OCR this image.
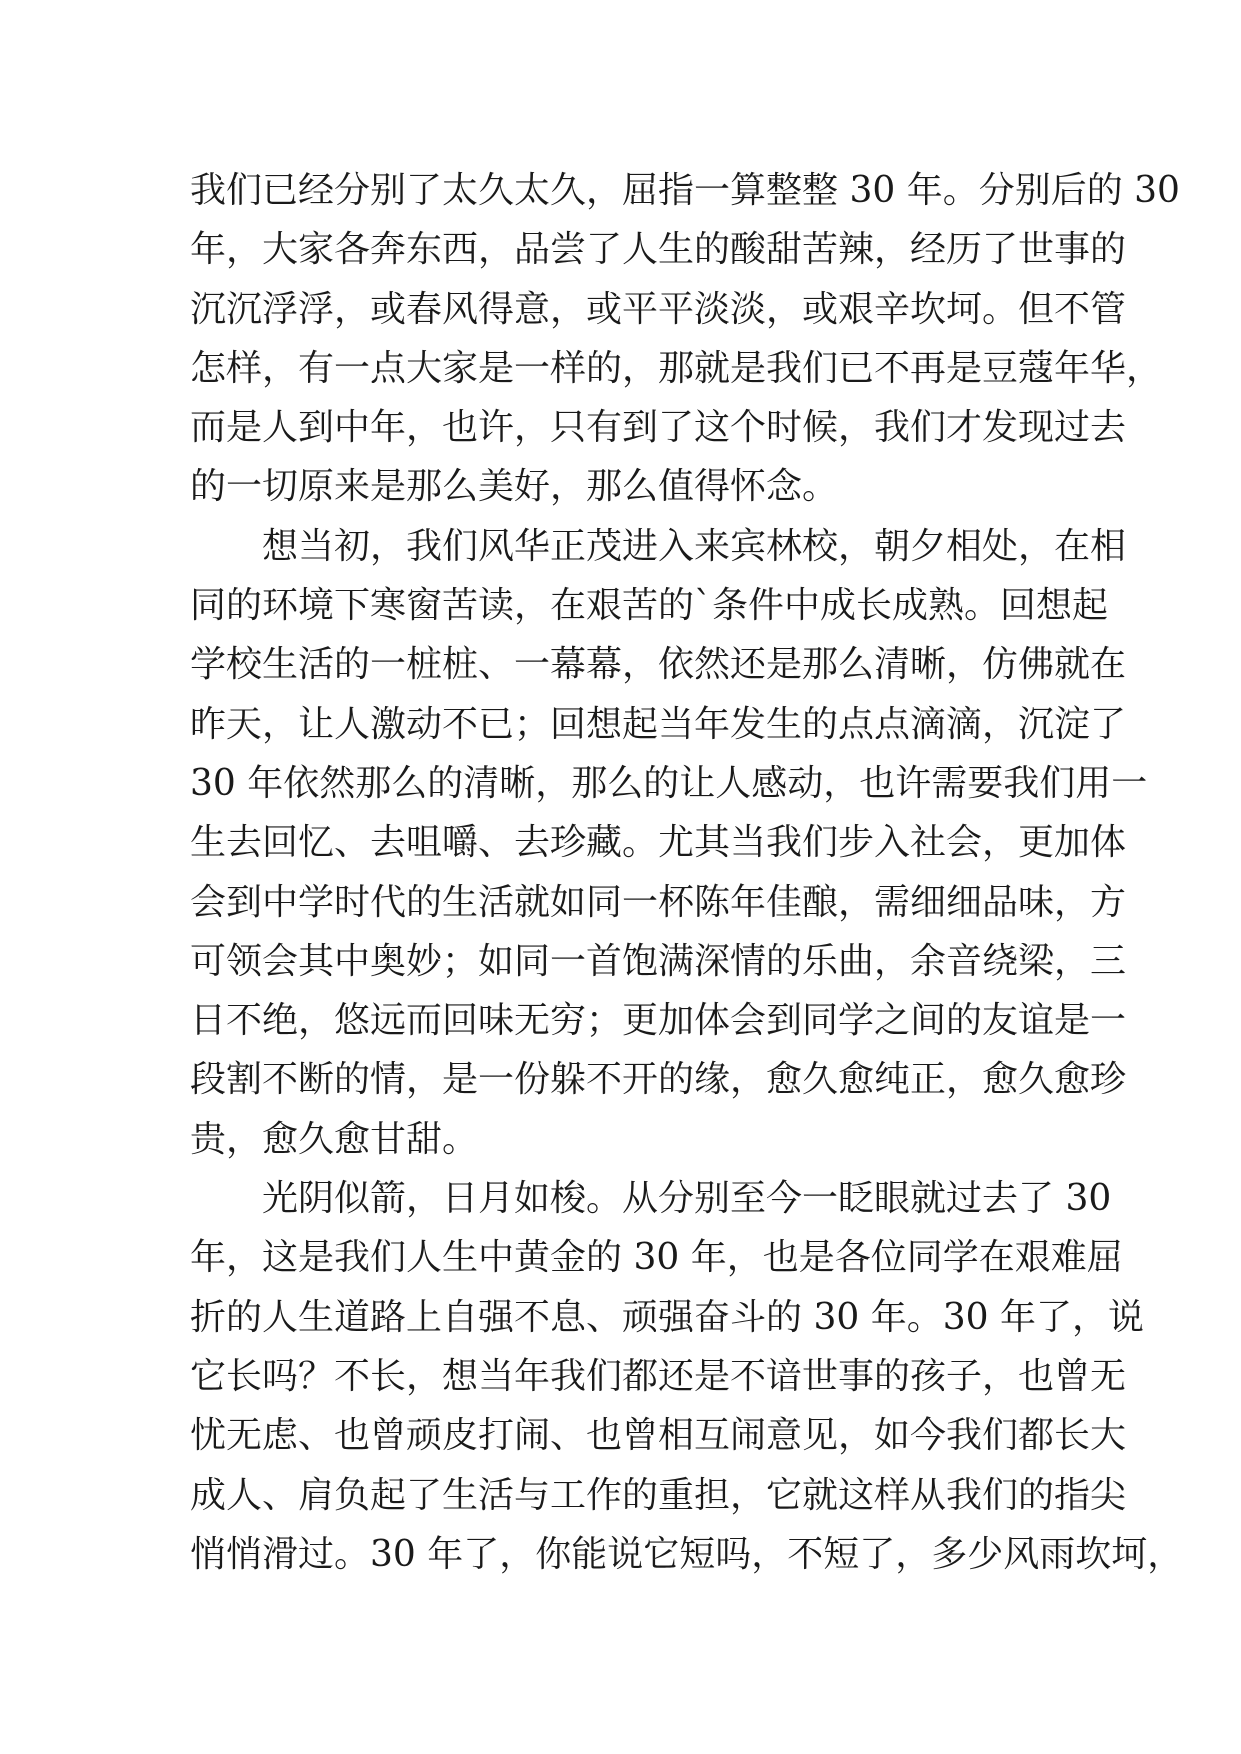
我们已经分别了太久太久，屈指一算整整 30 年。分别后的 30
年，大家各奔东西，品尝了人生的酸甜苦辣，经历了世事的
沉沉浮浮，或春风得意，或平平淡淡，或艰辛坎坷。但不管
怎样，有一点大家是一样的，那就是我们已不再是豆蔻年华，
而是人到中年，也许，只有到了这个时候，我们才发现过去
的一切原来是那么美好，那么值得怀念。
想当初，我们风华正茂进入来宾林校，朝夕相处，在相
同的环境下寒窗苦读，在艰苦的`条件中成长成熟。回想起
学校生活的一桩桩、一幕幕，依然还是那么清晰，仿佛就在
昨天，让人激动不已；回想起当年发生的点点滴滴，沉淀了
30 年依然那么的清晰，那么的让人感动，也许需要我们用一
生去回忆、去咀嚼、去珍藏。尤其当我们步入社会，更加体
会到中学时代的生活就如同一杯陈年佳酿，需细细品味，方
可领会其中奥妙；如同一首饱满深情的乐曲，余音绕梁，三
日不绝，悠远而回味无穷；更加体会到同学之间的友谊是一
段割不断的情，是一份躲不开的缘，愈久愈纯正，愈久愈珍
贵，愈久愈甘甜。
光阴似箭，日月如梭。从分别至今一眨眼就过去了 30
年，这是我们人生中黄金的 30 年，也是各位同学在艰难屈
折的人生道路上自强不息、顽强奋斗的 30 年。30 年了，说
它长吗？不长，想当年我们都还是不谙世事的孩子，也曾无
忧无虑、也曾顽皮打闹、也曾相互闹意见，如今我们都长大
成人、肩负起了生活与工作的重担，它就这样从我们的指尖
悄悄滑过。30 年了，你能说它短吗，不短了，多少风雨坎坷，
